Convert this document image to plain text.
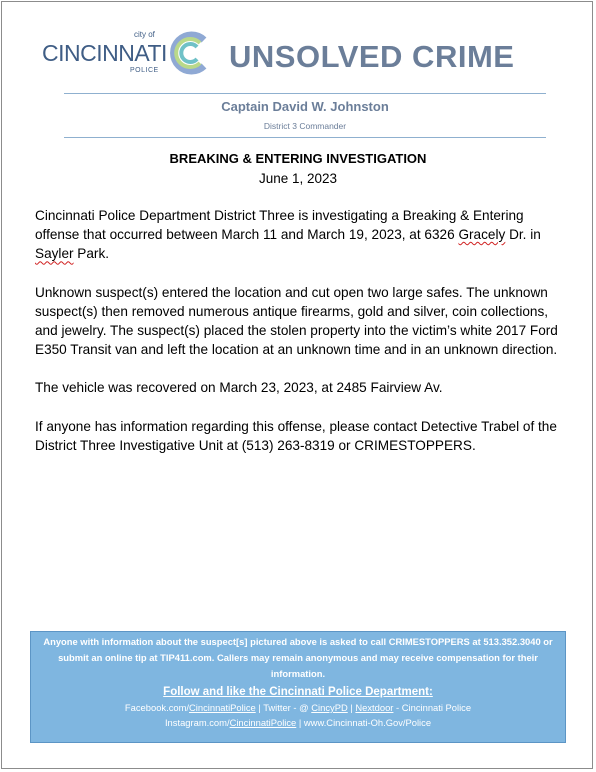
city of
CINCINNATI
POLICE UNSOLVED CRIME
Captain David W. Johnston
District 3 Commander
BREAKING & ENTERING INVESTIGATION
June 1, 2023

Cincinnati Police Department District Three is investigating a Breaking & Entering offense that occurred between March 11 and March 19, 2023, at 6326 Gracely Dr. in Sayler Park.

Unknown suspect(s) entered the location and cut open two large safes. The unknown suspect(s) then removed numerous antique firearms, gold and silver, coin collections, and jewelry. The suspect(s) placed the stolen property into the victim’s white 2017 Ford E350 Transit van and left the location at an unknown time and in an unknown direction.

The vehicle was recovered on March 23, 2023, at 2485 Fairview Av.

If anyone has information regarding this offense, please contact Detective Trabel of the District Three Investigative Unit at (513) 263-8319 or CRIMESTOPPERS.

Anyone with information about the suspect[s] pictured above is asked to call CRIMESTOPPERS at 513.352.3040 or submit an online tip at TIP411.com. Callers may remain anonymous and may receive compensation for their information.
Follow and like the Cincinnati Police Department:
Facebook.com/CincinnatiPolice | Twitter - @ CincyPD | Nextdoor - Cincinnati Police
Instagram.com/CincinnatiPolice | www.Cincinnati-Oh.Gov/Police
